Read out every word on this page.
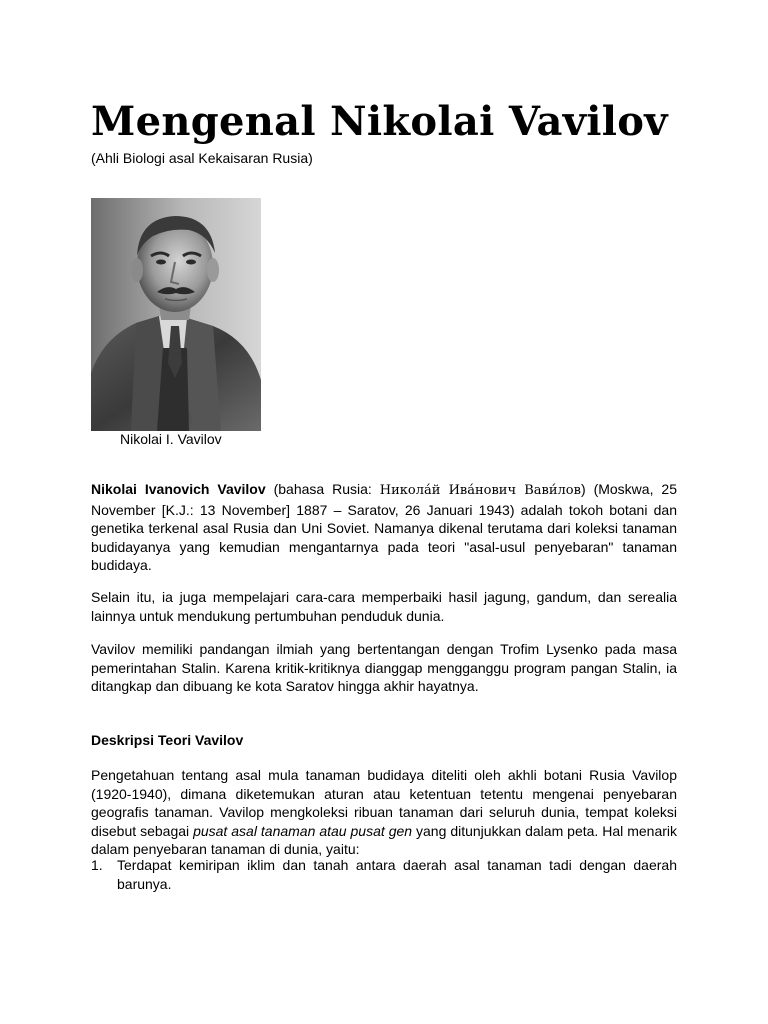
Mengenal Nikolai Vavilov
(Ahli Biologi asal Kekaisaran Rusia)
Nikolai I. Vavilov

Nikolai Ivanovich Vavilov (bahasa Rusia: Никола́й Ива́нович Вави́лов) (Moskwa, 25 November [K.J.: 13 November] 1887 – Saratov, 26 Januari 1943) adalah tokoh botani dan genetika terkenal asal Rusia dan Uni Soviet. Namanya dikenal terutama dari koleksi tanaman budidayanya yang kemudian mengantarnya pada teori "asal-usul penyebaran" tanaman budidaya.

Selain itu, ia juga mempelajari cara-cara memperbaiki hasil jagung, gandum, dan serealia lainnya untuk mendukung pertumbuhan penduduk dunia.

Vavilov memiliki pandangan ilmiah yang bertentangan dengan Trofim Lysenko pada masa pemerintahan Stalin. Karena kritik-kritiknya dianggap mengganggu program pangan Stalin, ia ditangkap dan dibuang ke kota Saratov hingga akhir hayatnya.

Deskripsi Teori Vavilov

Pengetahuan tentang asal mula tanaman budidaya diteliti oleh akhli botani Rusia Vavilop (1920-1940), dimana diketemukan aturan atau ketentuan tetentu mengenai penyebaran geografis tanaman. Vavilop mengkoleksi ribuan tanaman dari seluruh dunia, tempat koleksi disebut sebagai pusat asal tanaman atau pusat gen yang ditunjukkan dalam peta. Hal menarik dalam penyebaran tanaman di dunia, yaitu:

1. Terdapat kemiripan iklim dan tanah antara daerah asal tanaman tadi dengan daerah barunya.
